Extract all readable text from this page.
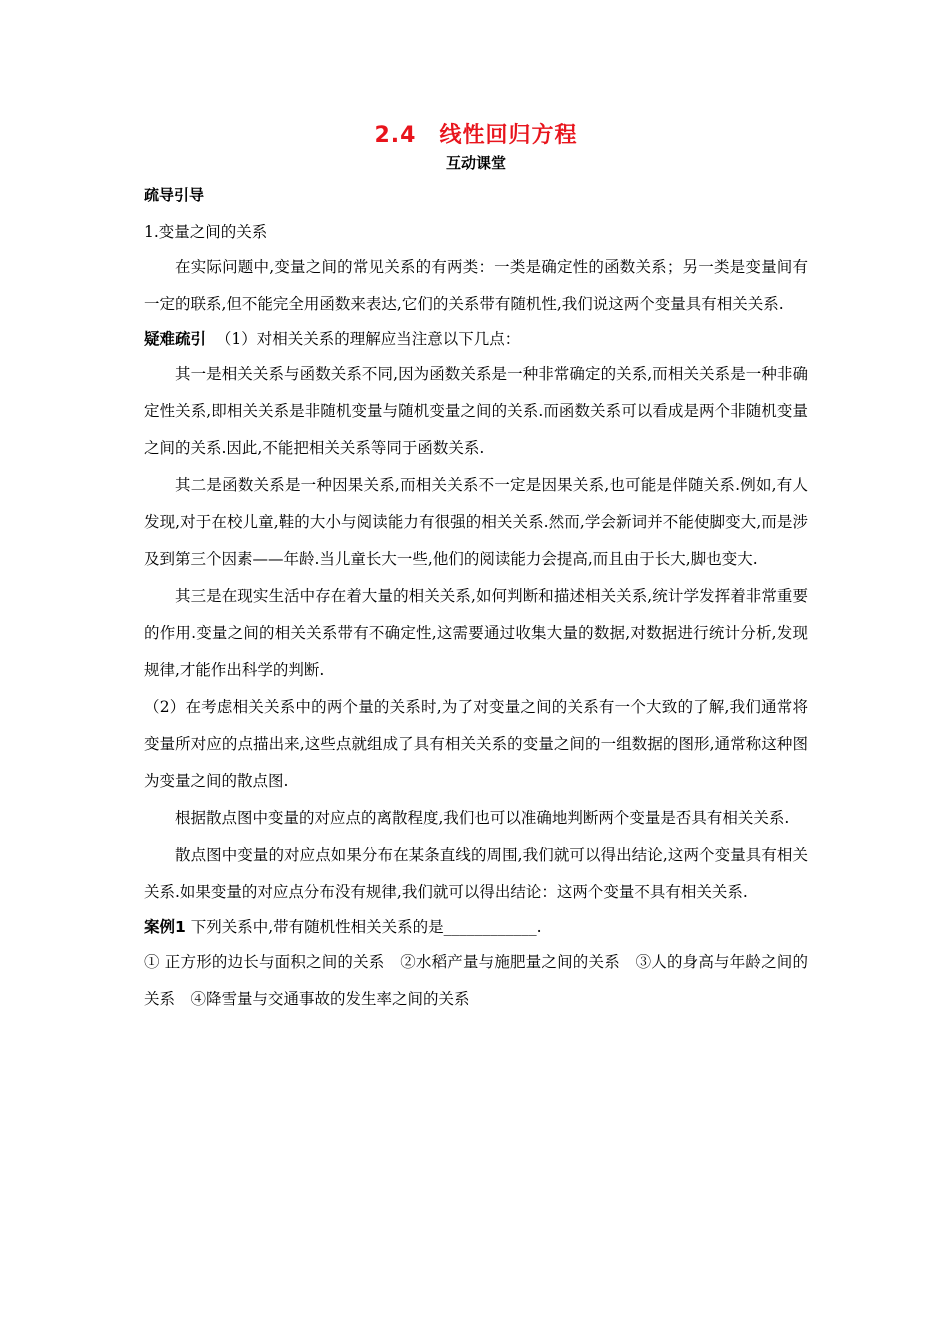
2.4　线性回归方程
互动课堂
疏导引导

1.变量之间的关系

在实际问题中,变量之间的常见关系的有两类：一类是确定性的函数关系；另一类是变量间有一定的联系,但不能完全用函数来表达,它们的关系带有随机性,我们说这两个变量具有相关关系.

疑难疏引 （1）对相关关系的理解应当注意以下几点：

其一是相关关系与函数关系不同,因为函数关系是一种非常确定的关系,而相关关系是一种非确定性关系,即相关关系是非随机变量与随机变量之间的关系.而函数关系可以看成是两个非随机变量之间的关系.因此,不能把相关关系等同于函数关系.

其二是函数关系是一种因果关系,而相关关系不一定是因果关系,也可能是伴随关系.例如,有人发现,对于在校儿童,鞋的大小与阅读能力有很强的相关关系.然而,学会新词并不能使脚变大,而是涉及到第三个因素——年龄.当儿童长大一些,他们的阅读能力会提高,而且由于长大,脚也变大.

其三是在现实生活中存在着大量的相关关系,如何判断和描述相关关系,统计学发挥着非常重要的作用.变量之间的相关关系带有不确定性,这需要通过收集大量的数据,对数据进行统计分析,发现规律,才能作出科学的判断.

（2）在考虑相关关系中的两个量的关系时,为了对变量之间的关系有一个大致的了解,我们通常将变量所对应的点描出来,这些点就组成了具有相关关系的变量之间的一组数据的图形,通常称这种图为变量之间的散点图.

根据散点图中变量的对应点的离散程度,我们也可以准确地判断两个变量是否具有相关关系.

散点图中变量的对应点如果分布在某条直线的周围,我们就可以得出结论,这两个变量具有相关关系.如果变量的对应点分布没有规律,我们就可以得出结论：这两个变量不具有相关关系.

案例1 下列关系中,带有随机性相关关系的是____________.

① 正方形的边长与面积之间的关系　②水稻产量与施肥量之间的关系　③人的身高与年龄之间的关系　④降雪量与交通事故的发生率之间的关系
